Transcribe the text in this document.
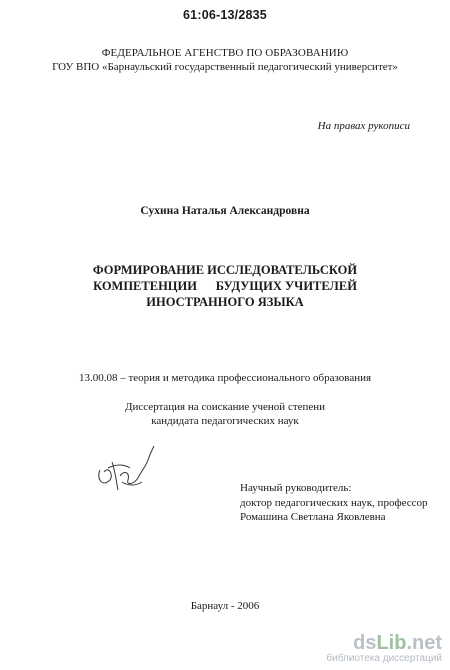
61:06-13/2835
ФЕДЕРАЛЬНОЕ АГЕНСТВО ПО ОБРАЗОВАНИЮ
ГОУ ВПО «Барнаульский государственный педагогический университет»
На правах рукописи
Сухина Наталья Александровна
ФОРМИРОВАНИЕ ИССЛЕДОВАТЕЛЬСКОЙ
КОМПЕТЕНЦИИ      БУДУЩИХ УЧИТЕЛЕЙ
ИНОСТРАННОГО ЯЗЫКА
13.00.08 – теория и методика профессионального образования
Диссертация на соискание ученой степени
кандидата педагогических наук
Научный руководитель:
доктор педагогических наук, профессор
Ромашина Светлана Яковлевна
Барнаул - 2006
dsLib.net
библиотека диссертаций
